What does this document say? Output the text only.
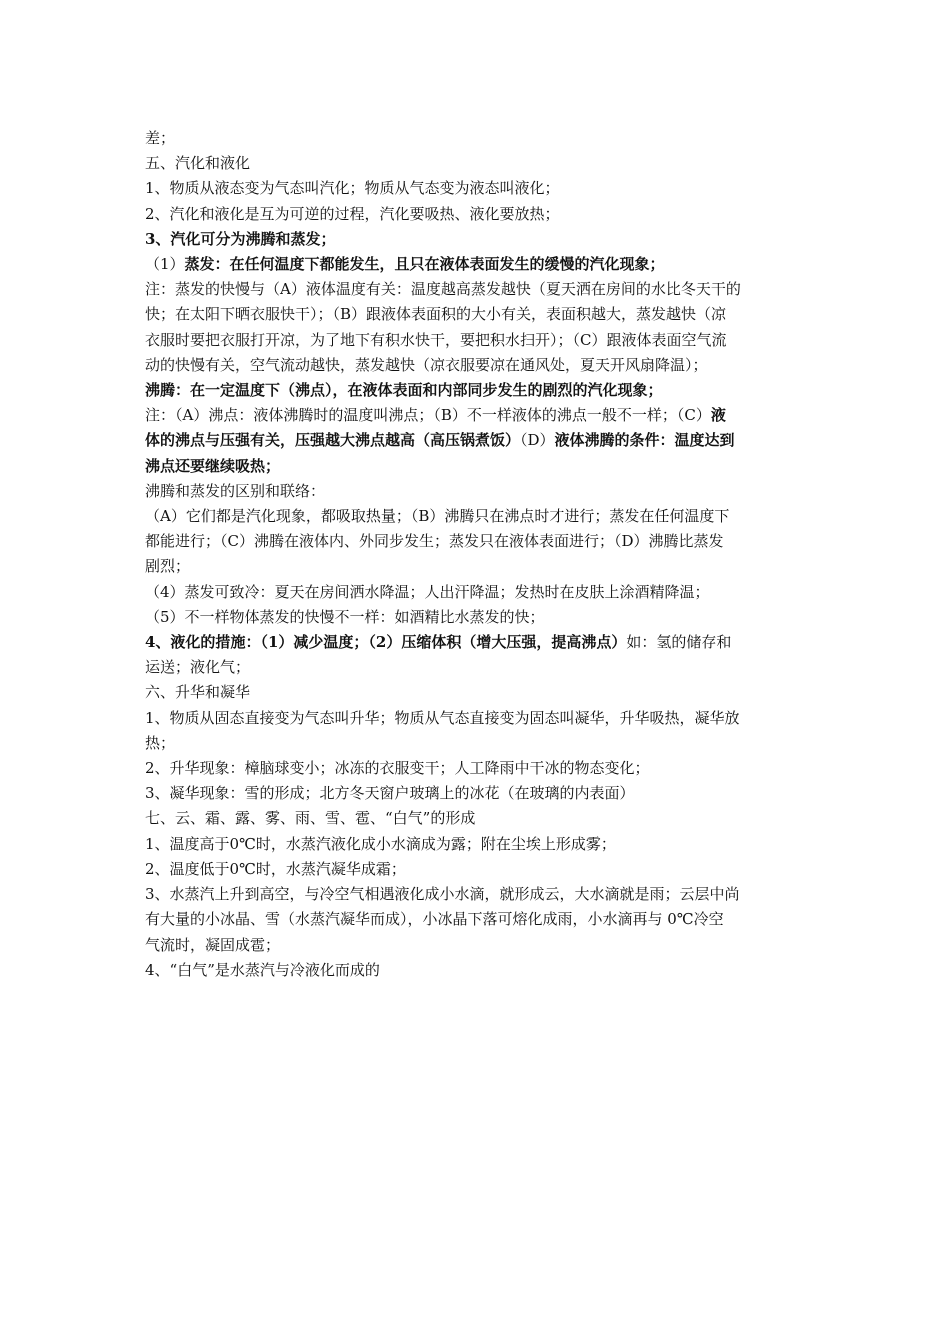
差；

五、汽化和液化

1、物质从液态变为气态叫汽化；物质从气态变为液态叫液化；

2、汽化和液化是互为可逆的过程，汽化要吸热、液化要放热；

3、汽化可分为沸腾和蒸发；

（1）蒸发：在任何温度下都能发生，且只在液体表面发生的缓慢的汽化现象；

注：蒸发的快慢与（A）液体温度有关：温度越高蒸发越快（夏天洒在房间的水比冬天干的
快；在太阳下晒衣服快干）；（B）跟液体表面积的大小有关，表面积越大，蒸发越快（凉
衣服时要把衣服打开凉，为了地下有积水快干，要把积水扫开）；（C）跟液体表面空气流
动的快慢有关，空气流动越快，蒸发越快（凉衣服要凉在通风处，夏天开风扇降温）；

沸腾：在一定温度下（沸点），在液体表面和内部同步发生的剧烈的汽化现象；

注：（A）沸点：液体沸腾时的温度叫沸点；（B）不一样液体的沸点一般不一样；（C）液
体的沸点与压强有关，压强越大沸点越高（高压锅煮饭）（D）液体沸腾的条件：温度达到
沸点还要继续吸热；

沸腾和蒸发的区别和联络：

（A）它们都是汽化现象，都吸取热量；（B）沸腾只在沸点时才进行；蒸发在任何温度下
都能进行；（C）沸腾在液体内、外同步发生；蒸发只在液体表面进行；（D）沸腾比蒸发
剧烈；

（4）蒸发可致冷：夏天在房间洒水降温；人出汗降温；发热时在皮肤上涂酒精降温；

（5）不一样物体蒸发的快慢不一样：如酒精比水蒸发的快；

4、液化的措施：（1）减少温度；（2）压缩体积（增大压强，提高沸点）如：氢的储存和
运送；液化气；

六、升华和凝华

1、物质从固态直接变为气态叫升华；物质从气态直接变为固态叫凝华，升华吸热，凝华放
热；

2、升华现象：樟脑球变小；冰冻的衣服变干；人工降雨中干冰的物态变化；

3、凝华现象：雪的形成；北方冬天窗户玻璃上的冰花（在玻璃的内表面）

七、云、霜、露、雾、雨、雪、雹、“白气”的形成

1、温度高于0℃时，水蒸汽液化成小水滴成为露；附在尘埃上形成雾；

2、温度低于0℃时，水蒸汽凝华成霜；

3、水蒸汽上升到高空，与冷空气相遇液化成小水滴，就形成云，大水滴就是雨；云层中尚
有大量的小冰晶、雪（水蒸汽凝华而成），小冰晶下落可熔化成雨，小水滴再与 0℃冷空
气流时，凝固成雹；

4、“白气”是水蒸汽与冷液化而成的
